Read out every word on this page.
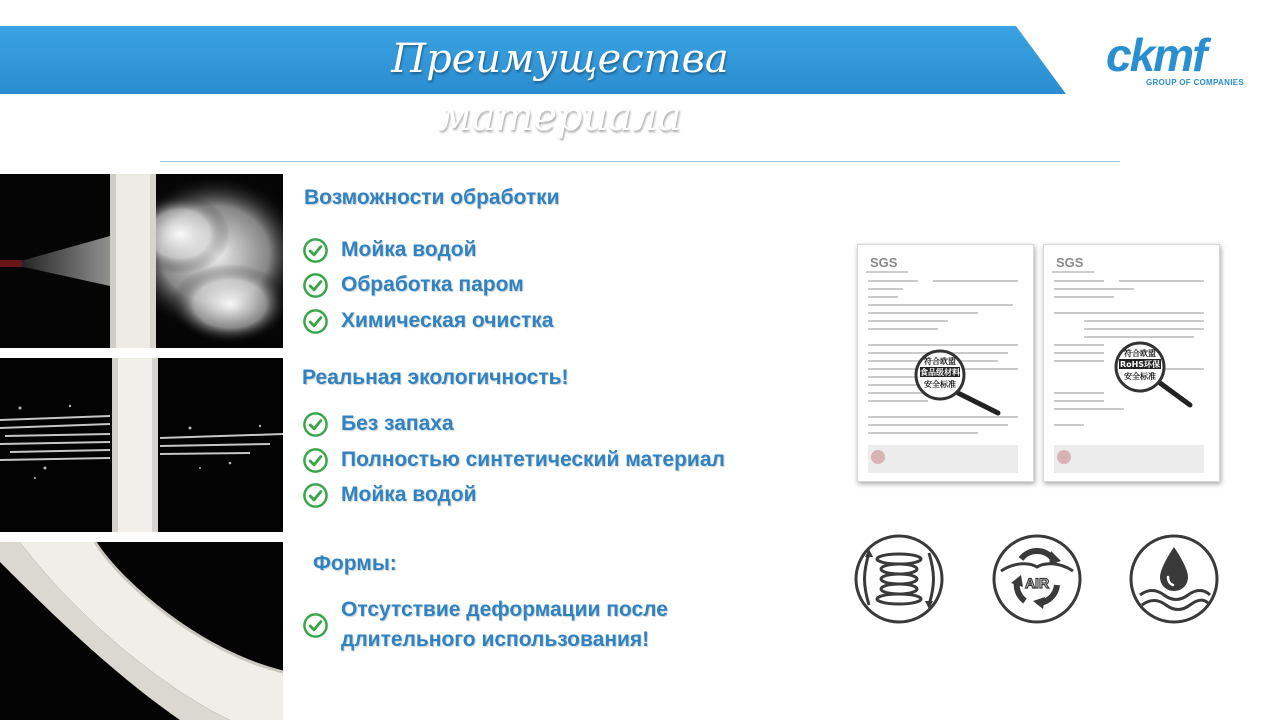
Преимущества материала
ckmf
GROUP OF COMPANIES
Возможности обработки
Мойка водой
Обработка паром
Химическая очистка
Реальная экологичность!
Без запаха
Полностью синтетический материал
Мойка водой
Формы:
Отсутствие деформации после длительного использования!
SGS
符合欧盟
食品级材料
安全标准
SGS
符合欧盟
RoHS环保
安全标准
AIR
